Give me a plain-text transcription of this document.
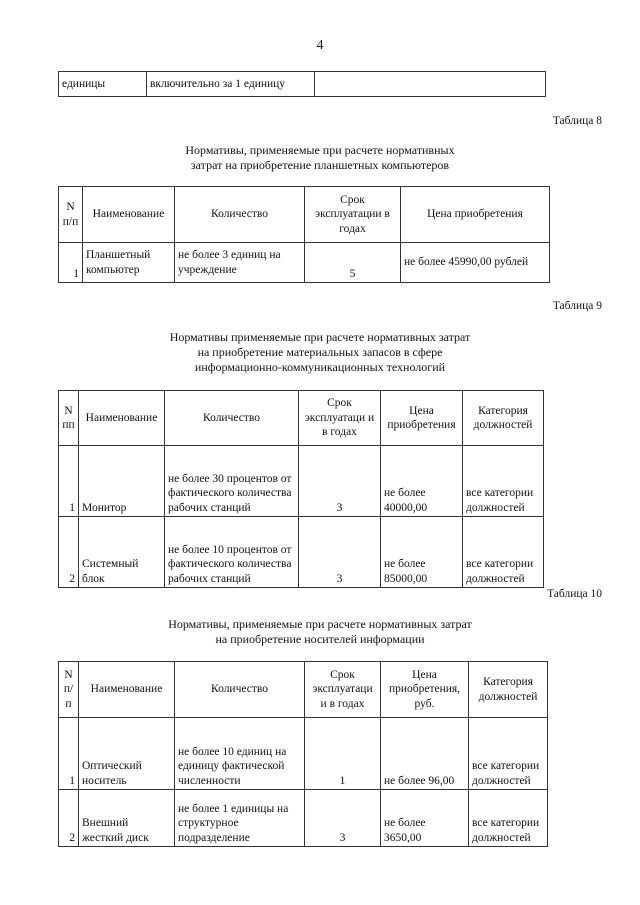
4
единицы	включительно за 1 единицу	
Таблица 8
Нормативы, применяемые при расчете нормативных
затрат на приобретение планшетных компьютеров
N п/п	Наименование	Количество	Срок эксплуатации в годах	Цена приобретения
1	Планшетный компьютер	не более 3 единиц на учреждение	5	не более 45990,00 рублей
Таблица 9
Нормативы применяемые при расчете нормативных затрат
на приобретение материальных запасов в сфере
информационно-коммуникационных технологий
N пп	Наименование	Количество	Срок эксплуатаци и в годах	Цена приобретения	Категория должностей
1	Монитор	не более 30 процентов от фактического количества рабочих станций	3	не более 40000,00	все категории должностей
2	Системный блок	не более 10 процентов от фактического количества рабочих станций	3	не более 85000,00	все категории должностей
Таблица 10
Нормативы, применяемые при расчете нормативных затрат
на приобретение носителей информации
N п/п	Наименование	Количество	Срок эксплуатаци и в годах	Цена приобретения, руб.	Категория должностей
1	Оптический носитель	не более 10 единиц на единицу фактической численности	1	не более 96,00	все категории должностей
2	Внешний жесткий диск	не более 1 единицы на структурное подразделение	3	не более 3650,00	все категории должностей
